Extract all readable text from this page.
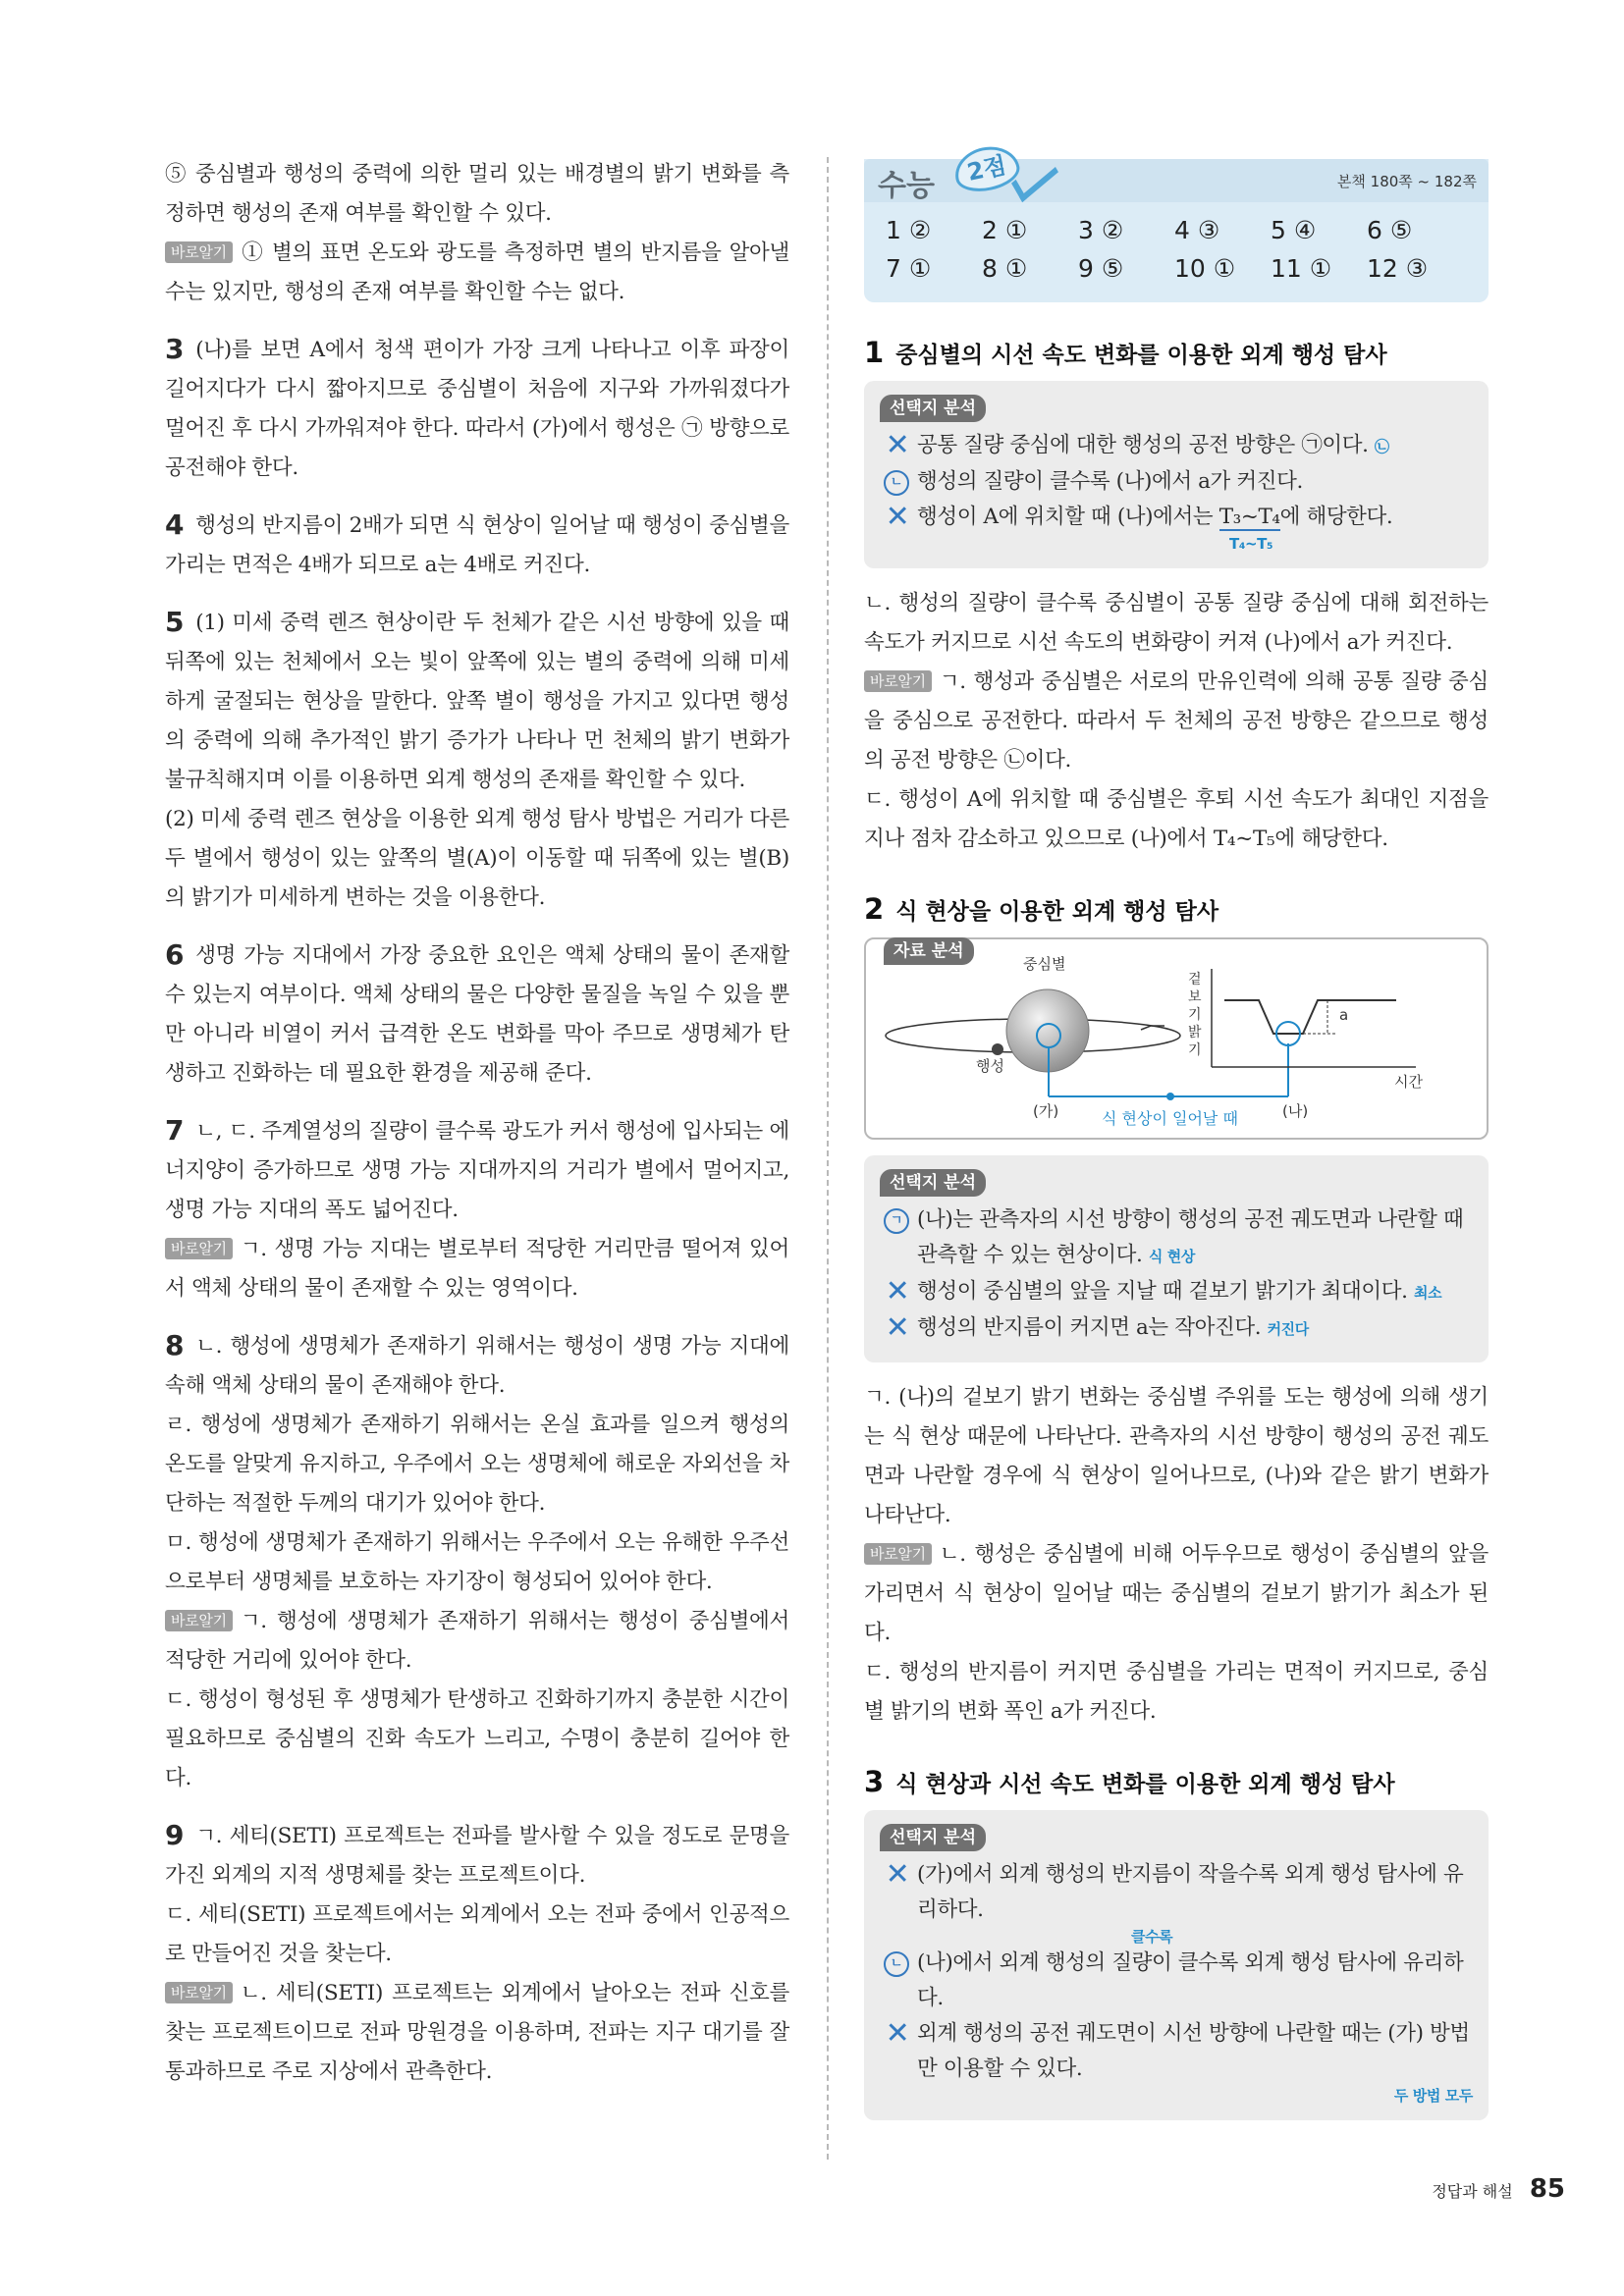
⑤ 중심별과 행성의 중력에 의한 멀리 있는 배경별의 밝기 변화를 측정하면 행성의 존재 여부를 확인할 수 있다.

바로알기 ① 별의 표면 온도와 광도를 측정하면 별의 반지름을 알아낼 수는 있지만, 행성의 존재 여부를 확인할 수는 없다.

3 (나)를 보면 A에서 청색 편이가 가장 크게 나타나고 이후 파장이 길어지다가 다시 짧아지므로 중심별이 처음에 지구와 가까워졌다가 멀어진 후 다시 가까워져야 한다. 따라서 (가)에서 행성은 ㉠ 방향으로 공전해야 한다.

4 행성의 반지름이 2배가 되면 식 현상이 일어날 때 행성이 중심별을 가리는 면적은 4배가 되므로 a는 4배로 커진다.

5 (1) 미세 중력 렌즈 현상이란 두 천체가 같은 시선 방향에 있을 때 뒤쪽에 있는 천체에서 오는 빛이 앞쪽에 있는 별의 중력에 의해 미세하게 굴절되는 현상을 말한다. 앞쪽 별이 행성을 가지고 있다면 행성의 중력에 의해 추가적인 밝기 증가가 나타나 먼 천체의 밝기 변화가 불규칙해지며 이를 이용하면 외계 행성의 존재를 확인할 수 있다.

(2) 미세 중력 렌즈 현상을 이용한 외계 행성 탐사 방법은 거리가 다른 두 별에서 행성이 있는 앞쪽의 별(A)이 이동할 때 뒤쪽에 있는 별(B)의 밝기가 미세하게 변하는 것을 이용한다.

6 생명 가능 지대에서 가장 중요한 요인은 액체 상태의 물이 존재할 수 있는지 여부이다. 액체 상태의 물은 다양한 물질을 녹일 수 있을 뿐만 아니라 비열이 커서 급격한 온도 변화를 막아 주므로 생명체가 탄생하고 진화하는 데 필요한 환경을 제공해 준다.

7 ㄴ, ㄷ. 주계열성의 질량이 클수록 광도가 커서 행성에 입사되는 에너지양이 증가하므로 생명 가능 지대까지의 거리가 별에서 멀어지고, 생명 가능 지대의 폭도 넓어진다.

바로알기 ㄱ. 생명 가능 지대는 별로부터 적당한 거리만큼 떨어져 있어서 액체 상태의 물이 존재할 수 있는 영역이다.

8 ㄴ. 행성에 생명체가 존재하기 위해서는 행성이 생명 가능 지대에 속해 액체 상태의 물이 존재해야 한다.

ㄹ. 행성에 생명체가 존재하기 위해서는 온실 효과를 일으켜 행성의 온도를 알맞게 유지하고, 우주에서 오는 생명체에 해로운 자외선을 차단하는 적절한 두께의 대기가 있어야 한다.

ㅁ. 행성에 생명체가 존재하기 위해서는 우주에서 오는 유해한 우주선으로부터 생명체를 보호하는 자기장이 형성되어 있어야 한다.

바로알기 ㄱ. 행성에 생명체가 존재하기 위해서는 행성이 중심별에서 적당한 거리에 있어야 한다.

ㄷ. 행성이 형성된 후 생명체가 탄생하고 진화하기까지 충분한 시간이 필요하므로 중심별의 진화 속도가 느리고, 수명이 충분히 길어야 한다.

9 ㄱ. 세티(SETI) 프로젝트는 전파를 발사할 수 있을 정도로 문명을 가진 외계의 지적 생명체를 찾는 프로젝트이다.

ㄷ. 세티(SETI) 프로젝트에서는 외계에서 오는 전파 중에서 인공적으로 만들어진 것을 찾는다.

바로알기 ㄴ. 세티(SETI) 프로젝트는 외계에서 날아오는 전파 신호를 찾는 프로젝트이므로 전파 망원경을 이용하며, 전파는 지구 대기를 잘 통과하므로 주로 지상에서 관측한다.

수능	2점	본책 180쪽 ~ 182쪽
1 ②	2 ①	3 ②	4 ③	5 ④	6 ⑤
7 ①	8 ①	9 ⑤	10 ①	11 ①	12 ③
1 중심별의 시선 속도 변화를 이용한 외계 행성 탐사
선택지 분석
✕ 공통 질량 중심에 대한 행성의 공전 방향은 ㉠이다. ㉡
ㄴ 행성의 질량이 클수록 (나)에서 a가 커진다.
✕ 행성이 A에 위치할 때 (나)에서는 T₃~T₄에 해당한다.
T₄~T₅

ㄴ. 행성의 질량이 클수록 중심별이 공통 질량 중심에 대해 회전하는 속도가 커지므로 시선 속도의 변화량이 커져 (나)에서 a가 커진다.

바로알기 ㄱ. 행성과 중심별은 서로의 만유인력에 의해 공통 질량 중심을 중심으로 공전한다. 따라서 두 천체의 공전 방향은 같으므로 행성의 공전 방향은 ㉡이다.

ㄷ. 행성이 A에 위치할 때 중심별은 후퇴 시선 속도가 최대인 지점을 지나 점차 감소하고 있으므로 (나)에서 T₄~T₅에 해당한다.

2 식 현상을 이용한 외계 행성 탐사
자료 분석
중심별
행성
겉보기 밝기
시간
a
(가)	식 현상이 일어날 때	(나)
선택지 분석
ㄱ (나)는 관측자의 시선 방향이 행성의 공전 궤도면과 나란할 때 관측할 수 있는 현상이다. 식 현상
✕ 행성이 중심별의 앞을 지날 때 겉보기 밝기가 최대이다. 최소
✕ 행성의 반지름이 커지면 a는 작아진다. 커진다

ㄱ. (나)의 겉보기 밝기 변화는 중심별 주위를 도는 행성에 의해 생기는 식 현상 때문에 나타난다. 관측자의 시선 방향이 행성의 공전 궤도면과 나란할 경우에 식 현상이 일어나므로, (나)와 같은 밝기 변화가 나타난다.

바로알기 ㄴ. 행성은 중심별에 비해 어두우므로 행성이 중심별의 앞을 가리면서 식 현상이 일어날 때는 중심별의 겉보기 밝기가 최소가 된다.

ㄷ. 행성의 반지름이 커지면 중심별을 가리는 면적이 커지므로, 중심별 밝기의 변화 폭인 a가 커진다.

3 식 현상과 시선 속도 변화를 이용한 외계 행성 탐사
선택지 분석
✕ (가)에서 외계 행성의 반지름이 작을수록 외계 행성 탐사에 유리하다.
클수록
ㄴ (나)에서 외계 행성의 질량이 클수록 외계 행성 탐사에 유리하다.
✕ 외계 행성의 공전 궤도면이 시선 방향에 나란할 때는 (가) 방법만 이용할 수 있다.
두 방법 모두
정답과 해설 85
